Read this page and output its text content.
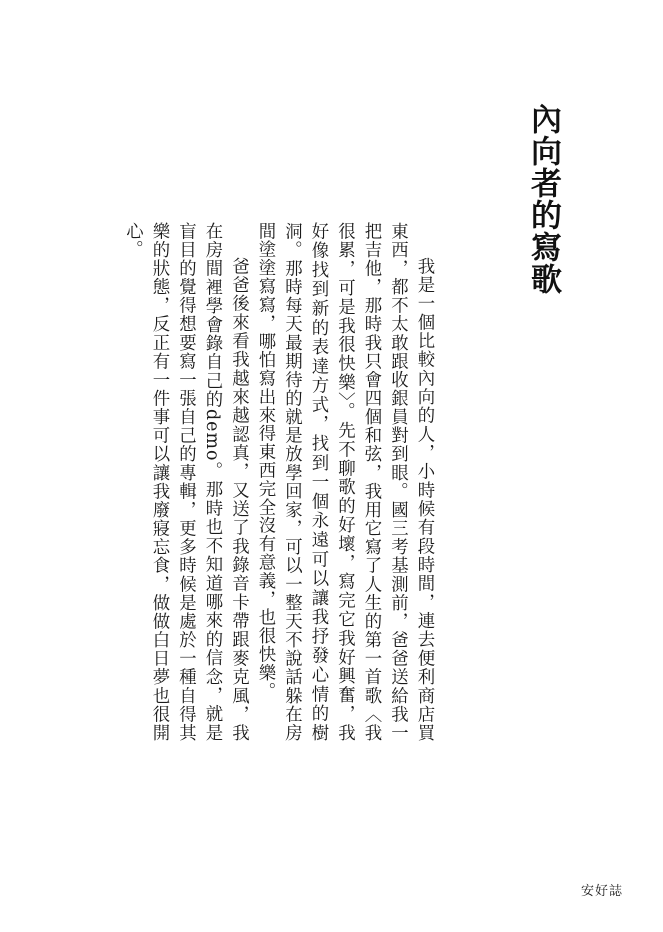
內向者的寫歌

我是一個比較內向的人，小時候有段時間，連去便利商店買東西，都不太敢跟收銀員對到眼。國三考基測前，爸爸送給我一把吉他，那時我只會四個和弦，我用它寫了人生的第一首歌〈我很累，可是我很快樂〉。先不聊歌的好壞，寫完它我好興奮，我好像找到新的表達方式，找到一個永遠可以讓我抒發心情的樹洞。那時每天最期待的就是放學回家，可以一整天不說話躲在房間塗塗寫寫，哪怕寫出來得東西完全沒有意義，也很快樂。

爸爸後來看我越來越認真，又送了我錄音卡帶跟麥克風，我在房間裡學會錄自己的demo。那時也不知道哪來的信念，就是盲目的覺得想要寫一張自己的專輯，更多時候是處於一種自得其樂的狀態，反正有一件事可以讓我廢寢忘食，做做白日夢也很開心。

安好誌
